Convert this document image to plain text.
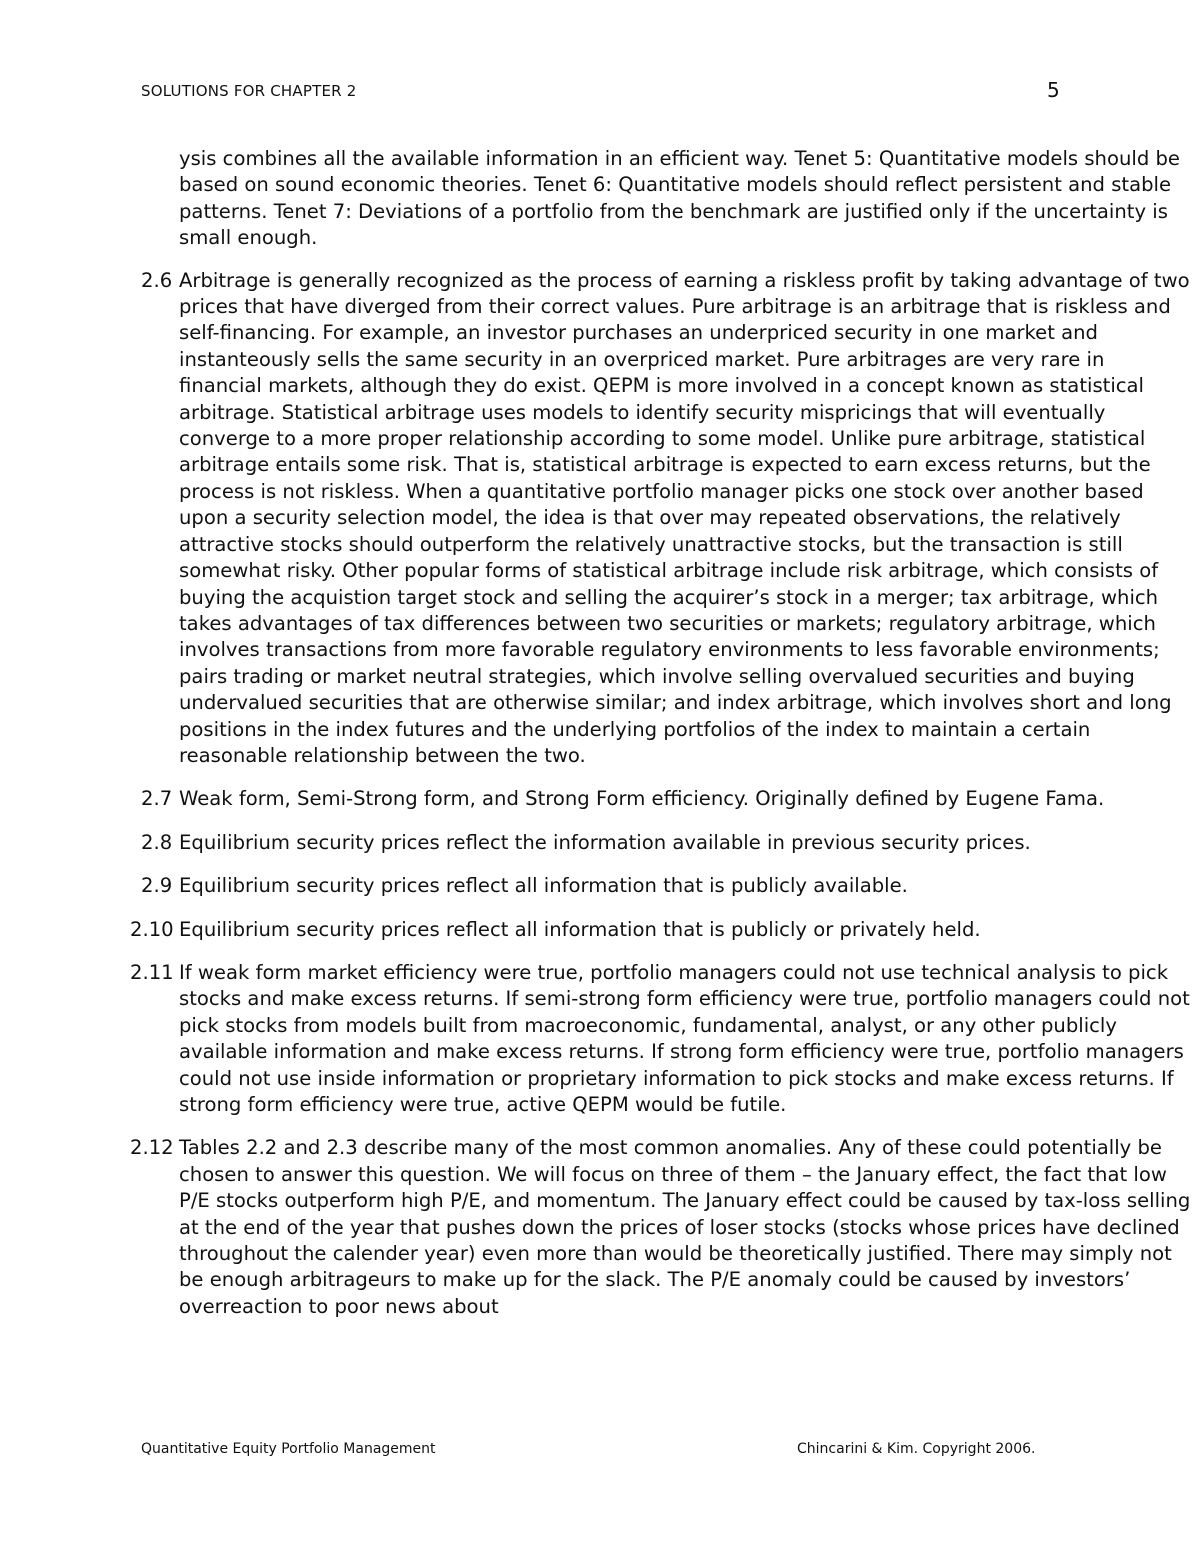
SOLUTIONS FOR CHAPTER 2	5
ysis combines all the available information in an efficient way. Tenet 5: Quantitative models should be based on sound economic theories. Tenet 6: Quantitative models should reflect persistent and stable patterns. Tenet 7: Deviations of a portfolio from the benchmark are justified only if the uncertainty is small enough.
2.6 Arbitrage is generally recognized as the process of earning a riskless profit by taking advantage of two prices that have diverged from their correct values. Pure arbitrage is an arbitrage that is riskless and self-financing. For example, an investor purchases an underpriced security in one market and instanteously sells the same security in an overpriced market. Pure arbitrages are very rare in financial markets, although they do exist. QEPM is more involved in a concept known as statistical arbitrage. Statistical arbitrage uses models to identify security mispricings that will eventually converge to a more proper relationship according to some model. Unlike pure arbitrage, statistical arbitrage entails some risk. That is, statistical arbitrage is expected to earn excess returns, but the process is not riskless. When a quantitative portfolio manager picks one stock over another based upon a security selection model, the idea is that over may repeated observations, the relatively attractive stocks should outperform the relatively unattractive stocks, but the transaction is still somewhat risky. Other popular forms of statistical arbitrage include risk arbitrage, which consists of buying the acquistion target stock and selling the acquirer’s stock in a merger; tax arbitrage, which takes advantages of tax differences between two securities or markets; regulatory arbitrage, which involves transactions from more favorable regulatory environments to less favorable environments; pairs trading or market neutral strategies, which involve selling overvalued securities and buying undervalued securities that are otherwise similar; and index arbitrage, which involves short and long positions in the index futures and the underlying portfolios of the index to maintain a certain reasonable relationship between the two.
2.7 Weak form, Semi-Strong form, and Strong Form efficiency. Originally defined by Eugene Fama.
2.8 Equilibrium security prices reflect the information available in previous security prices.
2.9 Equilibrium security prices reflect all information that is publicly available.
2.10 Equilibrium security prices reflect all information that is publicly or privately held.
2.11 If weak form market efficiency were true, portfolio managers could not use technical analysis to pick stocks and make excess returns. If semi-strong form efficiency were true, portfolio managers could not pick stocks from models built from macroeconomic, fundamental, analyst, or any other publicly available information and make excess returns. If strong form efficiency were true, portfolio managers could not use inside information or proprietary information to pick stocks and make excess returns. If strong form efficiency were true, active QEPM would be futile.
2.12 Tables 2.2 and 2.3 describe many of the most common anomalies. Any of these could potentially be chosen to answer this question. We will focus on three of them – the January effect, the fact that low P/E stocks outperform high P/E, and momentum. The January effect could be caused by tax-loss selling at the end of the year that pushes down the prices of loser stocks (stocks whose prices have declined throughout the calender year) even more than would be theoretically justified. There may simply not be enough arbitrageurs to make up for the slack. The P/E anomaly could be caused by investors’ overreaction to poor news about
Quantitative Equity Portfolio Management	Chincarini & Kim. Copyright 2006.
